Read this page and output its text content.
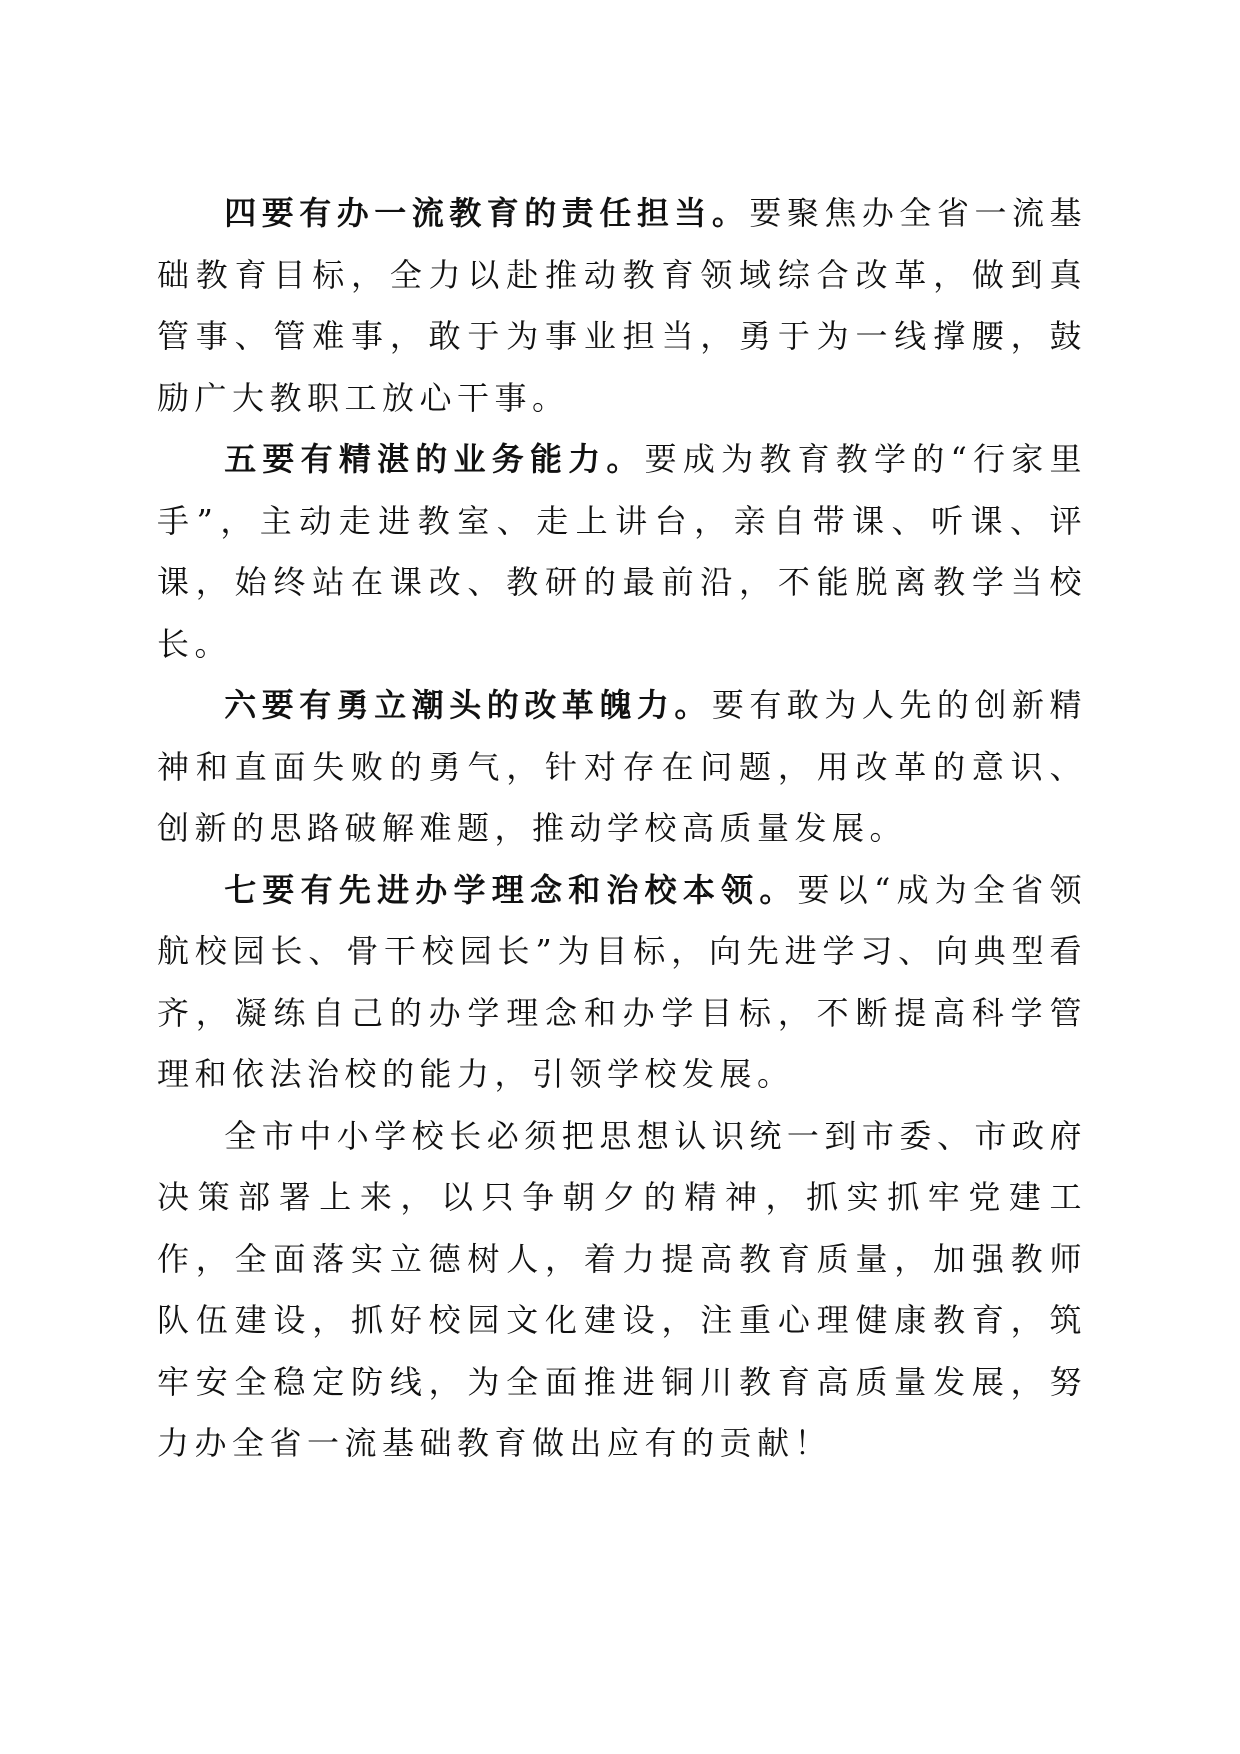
四要有办一流教育的责任担当。要聚焦办全省一流基础教育目标，全力以赴推动教育领域综合改革，做到真管事、管难事，敢于为事业担当，勇于为一线撑腰，鼓励广大教职工放心干事。

五要有精湛的业务能力。要成为教育教学的“行家里手”，主动走进教室、走上讲台，亲自带课、听课、评课，始终站在课改、教研的最前沿，不能脱离教学当校长。

六要有勇立潮头的改革魄力。要有敢为人先的创新精神和直面失败的勇气，针对存在问题，用改革的意识、创新的思路破解难题，推动学校高质量发展。

七要有先进办学理念和治校本领。要以“成为全省领航校园长、骨干校园长”为目标，向先进学习、向典型看齐，凝练自己的办学理念和办学目标，不断提高科学管理和依法治校的能力，引领学校发展。

全市中小学校长必须把思想认识统一到市委、市政府决策部署上来，以只争朝夕的精神，抓实抓牢党建工作，全面落实立德树人，着力提高教育质量，加强教师队伍建设，抓好校园文化建设，注重心理健康教育，筑牢安全稳定防线，为全面推进铜川教育高质量发展，努力办全省一流基础教育做出应有的贡献！
